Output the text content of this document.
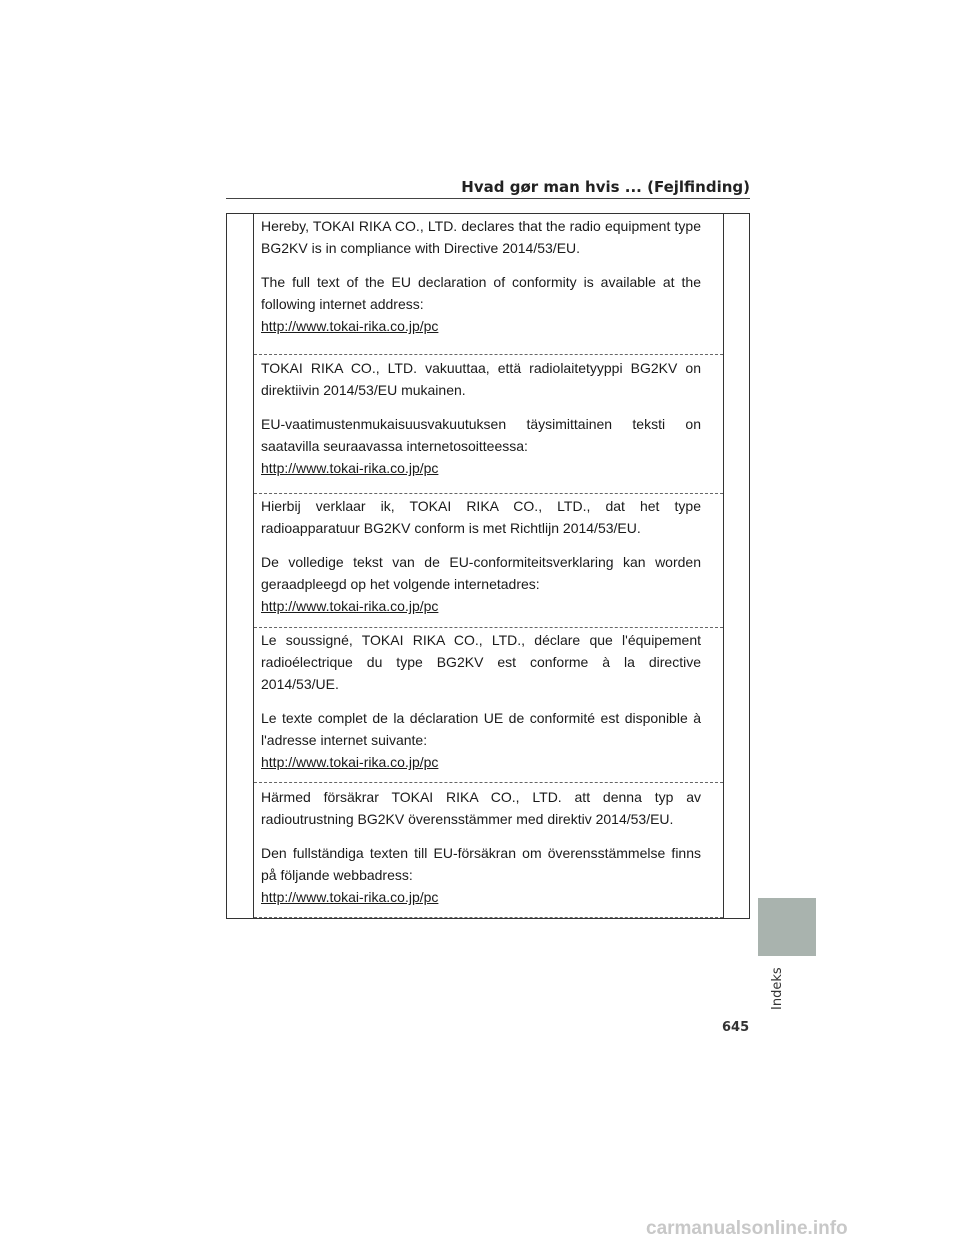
Hvad gør man hvis ... (Fejlfinding)

Hereby, TOKAI RIKA CO., LTD. declares that the radio equipment type BG2KV is in compliance with Directive 2014/53/EU.

The full text of the EU declaration of conformity is available at the following internet address:
http://www.tokai-rika.co.jp/pc

TOKAI RIKA CO., LTD. vakuuttaa, että radiolaitetyyppi BG2KV on direktiivin 2014/53/EU mukainen.

EU-vaatimustenmukaisuusvakuutuksen täysimittainen teksti on saatavilla seuraavassa internetosoitteessa:
http://www.tokai-rika.co.jp/pc

Hierbij verklaar ik, TOKAI RIKA CO., LTD., dat het type radioapparatuur BG2KV conform is met Richtlijn 2014/53/EU.

De volledige tekst van de EU-conformiteitsverklaring kan worden geraadpleegd op het volgende internetadres:
http://www.tokai-rika.co.jp/pc

Le soussigné, TOKAI RIKA CO., LTD., déclare que l'équipement radioélectrique du type BG2KV est conforme à la directive 2014/53/UE.

Le texte complet de la déclaration UE de conformité est disponible à l'adresse internet suivante:
http://www.tokai-rika.co.jp/pc

Härmed försäkrar TOKAI RIKA CO., LTD. att denna typ av radioutrustning BG2KV överensstämmer med direktiv 2014/53/EU.

Den fullständiga texten till EU-försäkran om överensstämmelse finns på följande webbadress:
http://www.tokai-rika.co.jp/pc

Indeks
645
carmanualsonline.info
